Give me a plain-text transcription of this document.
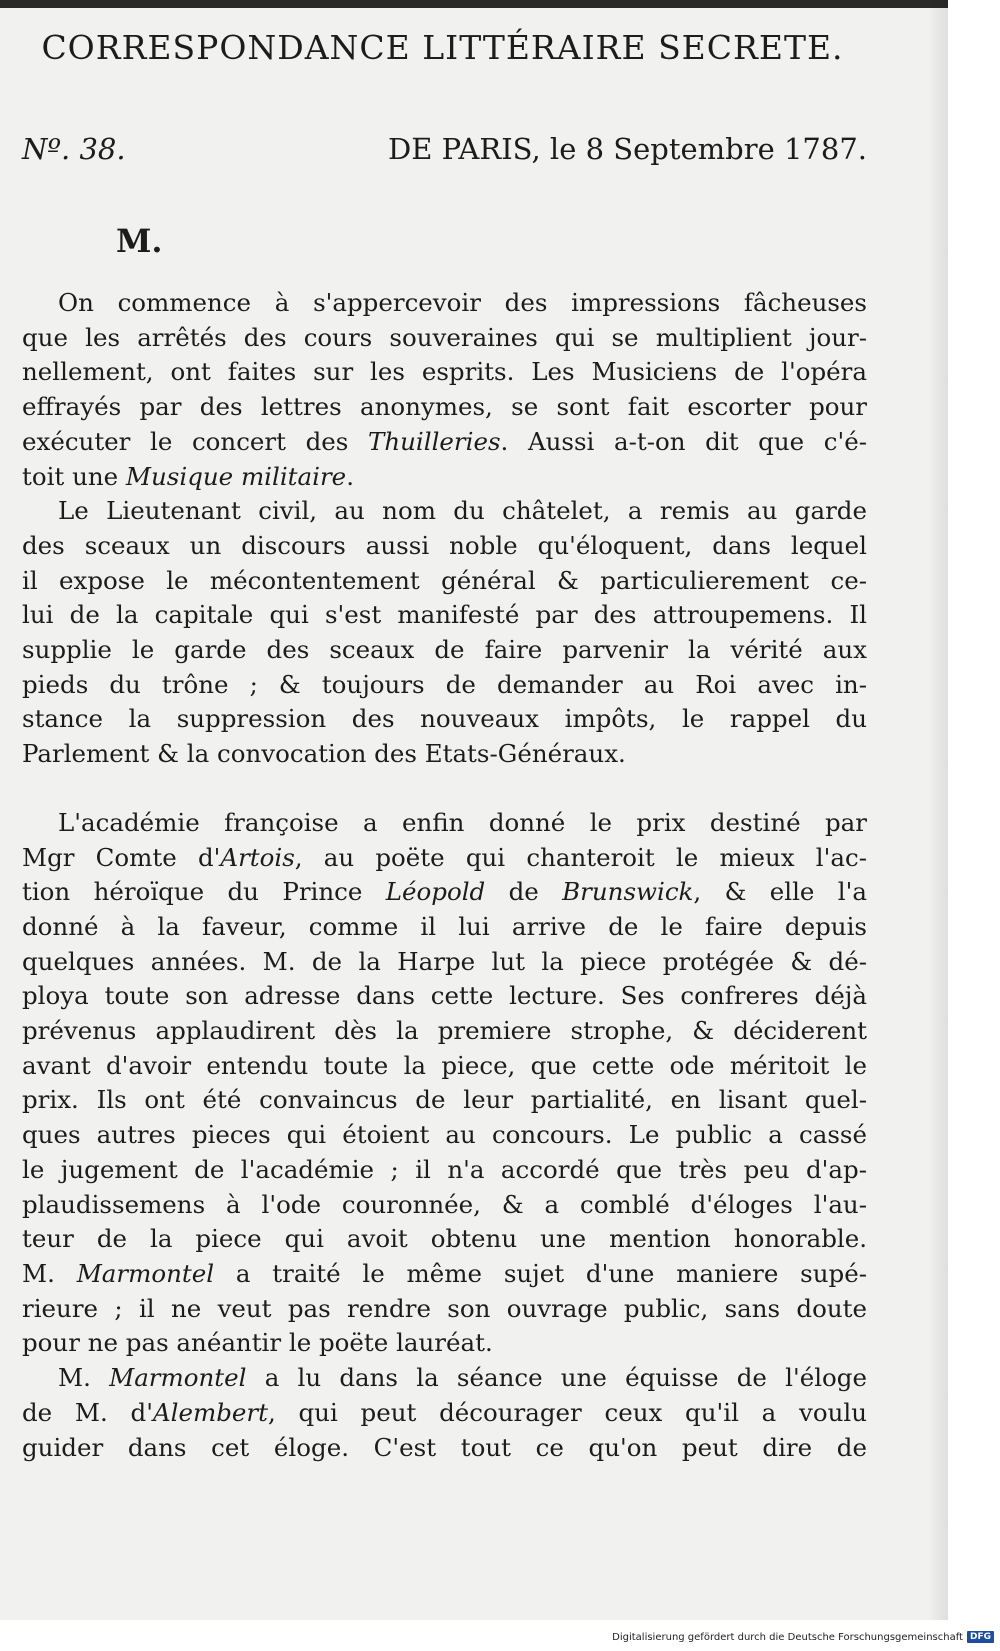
CORRESPONDANCE LITTÉRAIRE SECRETE.
Nº. 38.	DE PARIS, le 8 Septembre 1787.
M.
On commence à s'appercevoir des impressions fâcheuses
que les arrêtés des cours souveraines qui se multiplient jour-
nellement, ont faites sur les esprits. Les Musiciens de l'opéra
effrayés par des lettres anonymes, se sont fait escorter pour
exécuter le concert des Thuilleries. Aussi a-t-on dit que c'é-
toit une Musique militaire.
Le Lieutenant civil, au nom du châtelet, a remis au garde
des sceaux un discours aussi noble qu'éloquent, dans lequel
il expose le mécontentement général & particulierement ce-
lui de la capitale qui s'est manifesté par des attroupemens. Il
supplie le garde des sceaux de faire parvenir la vérité aux
pieds du trône ; & toujours de demander au Roi avec in-
stance la suppression des nouveaux impôts, le rappel du
Parlement & la convocation des Etats-Généraux.
L'académie françoise a enfin donné le prix destiné par
Mgr Comte d'Artois, au poëte qui chanteroit le mieux l'ac-
tion héroïque du Prince Léopold de Brunswick, & elle l'a
donné à la faveur, comme il lui arrive de le faire depuis
quelques années. M. de la Harpe lut la piece protégée & dé-
ploya toute son adresse dans cette lecture. Ses confreres déjà
prévenus applaudirent dès la premiere strophe, & déciderent
avant d'avoir entendu toute la piece, que cette ode méritoit le
prix. Ils ont été convaincus de leur partialité, en lisant quel-
ques autres pieces qui étoient au concours. Le public a cassé
le jugement de l'académie ; il n'a accordé que très peu d'ap-
plaudissemens à l'ode couronnée, & a comblé d'éloges l'au-
teur de la piece qui avoit obtenu une mention honorable.
M. Marmontel a traité le même sujet d'une maniere supé-
rieure ; il ne veut pas rendre son ouvrage public, sans doute
pour ne pas anéantir le poëte lauréat.
M. Marmontel a lu dans la séance une équisse de l'éloge
de M. d'Alembert, qui peut décourager ceux qu'il a voulu
guider dans cet éloge. C'est tout ce qu'on peut dire de
Digitalisierung gefördert durch die Deutsche Forschungsgemeinschaft DFG
